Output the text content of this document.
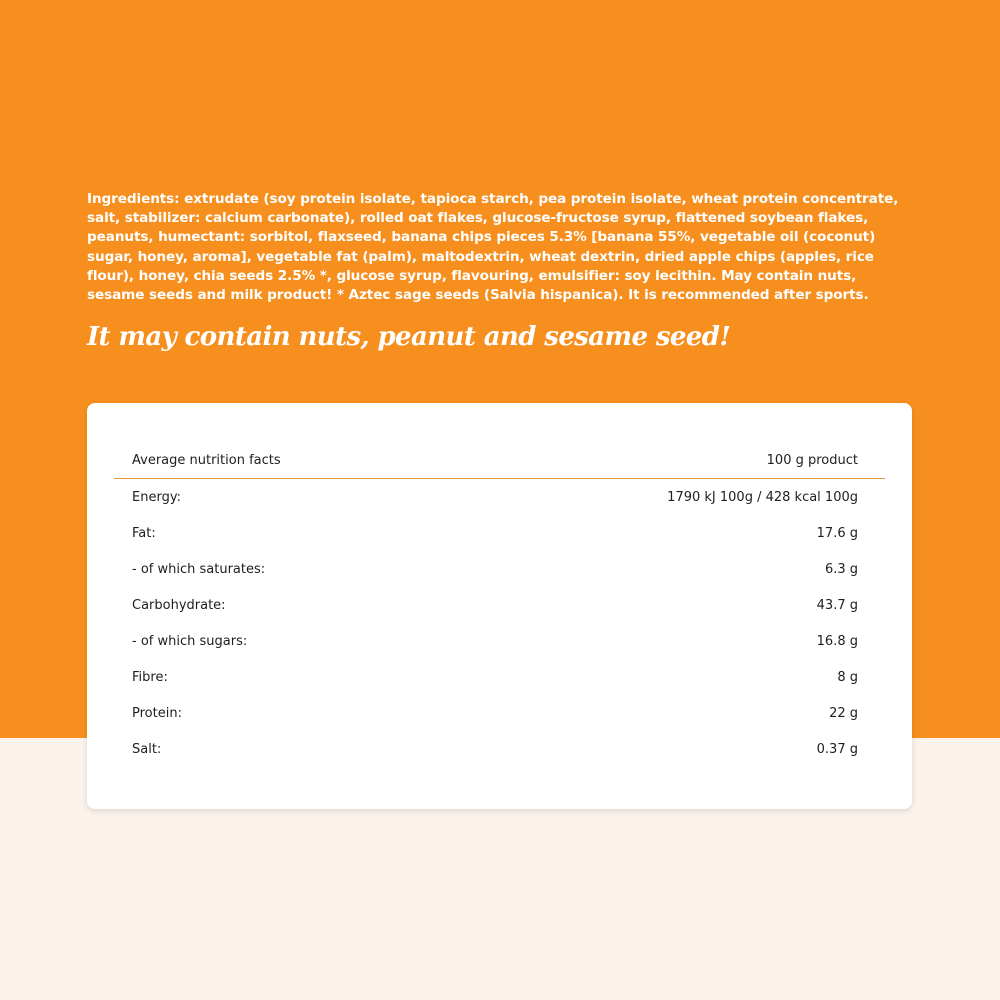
Ingredients: extrudate (soy protein isolate, tapioca starch, pea protein isolate, wheat protein concentrate, salt, stabilizer: calcium carbonate), rolled oat flakes, glucose-fructose syrup, flattened soybean flakes, peanuts, humectant: sorbitol, flaxseed, banana chips pieces 5.3% [banana 55%, vegetable oil (coconut) sugar, honey, aroma], vegetable fat (palm), maltodextrin, wheat dextrin, dried apple chips (apples, rice flour), honey, chia seeds 2.5% *, glucose syrup, flavouring, emulsifier: soy lecithin. May contain nuts, sesame seeds and milk product! * Aztec sage seeds (Salvia hispanica). It is recommended after sports.

It may contain nuts, peanut and sesame seed!

Average nutrition facts	100 g product
Energy:	1790 kJ 100g / 428 kcal 100g
Fat:	17.6 g
- of which saturates:	6.3 g
Carbohydrate:	43.7 g
- of which sugars:	16.8 g
Fibre:	8 g
Protein:	22 g
Salt:	0.37 g
